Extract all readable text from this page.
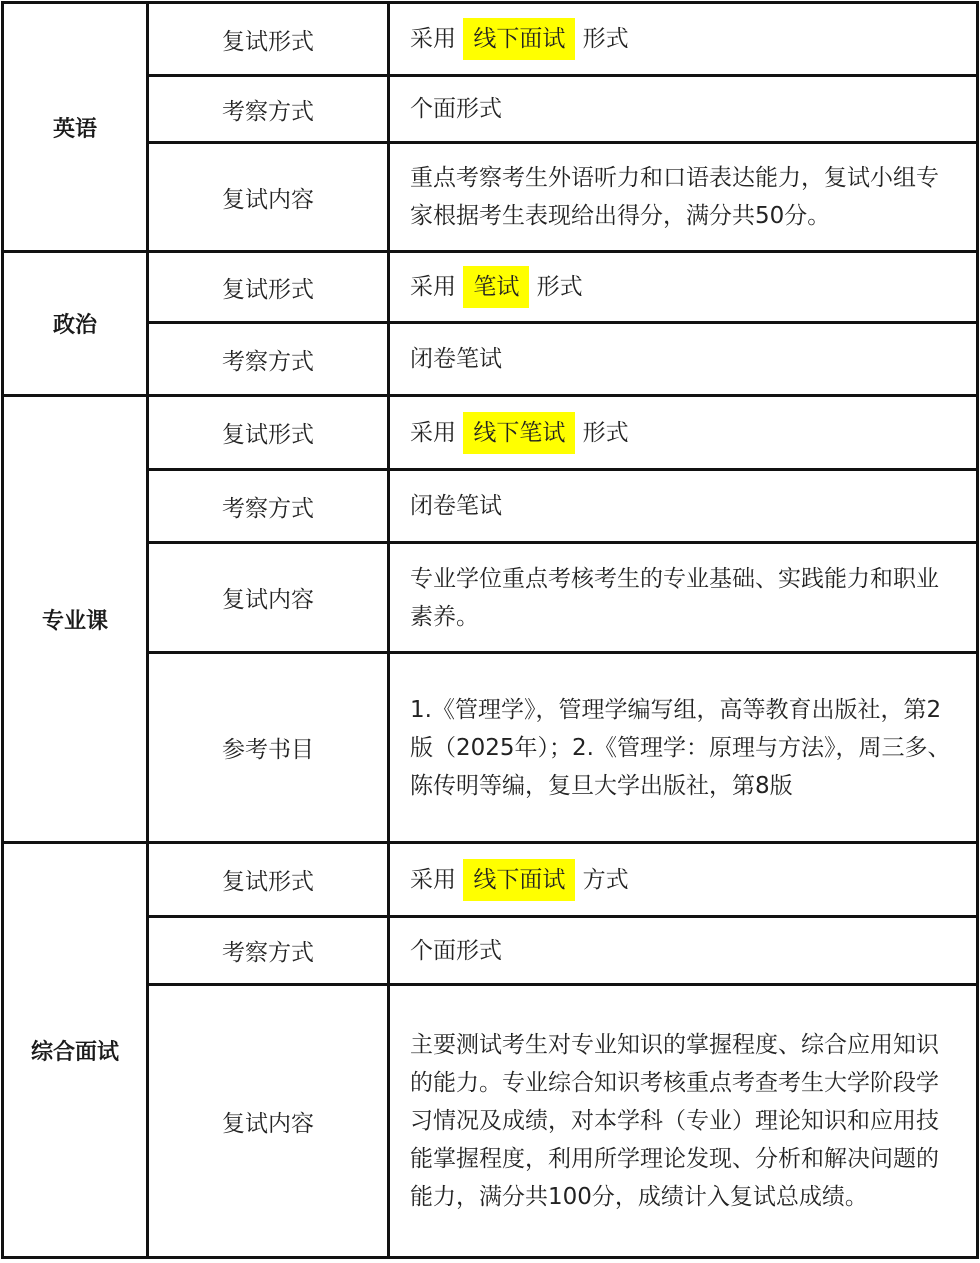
英语	复试形式	采用 线下面试 形式
	考察方式	个面形式
	复试内容	重点考察考生外语听力和口语表达能力，复试小组专家根据考生表现给出得分，满分共50分。
政治	复试形式	采用 笔试 形式
	考察方式	闭卷笔试
专业课	复试形式	采用 线下笔试 形式
	考察方式	闭卷笔试
	复试内容	专业学位重点考核考生的专业基础、实践能力和职业素养。
	参考书目	1.《管理学》，管理学编写组，高等教育出版社，第2版（2025年）；2.《管理学：原理与方法》，周三多、陈传明等编，复旦大学出版社，第8版
综合面试	复试形式	采用 线下面试 方式
	考察方式	个面形式
	复试内容	主要测试考生对专业知识的掌握程度、综合应用知识的能力。专业综合知识考核重点考查考生大学阶段学习情况及成绩，对本学科（专业）理论知识和应用技能掌握程度，利用所学理论发现、分析和解决问题的能力，满分共100分，成绩计入复试总成绩。
